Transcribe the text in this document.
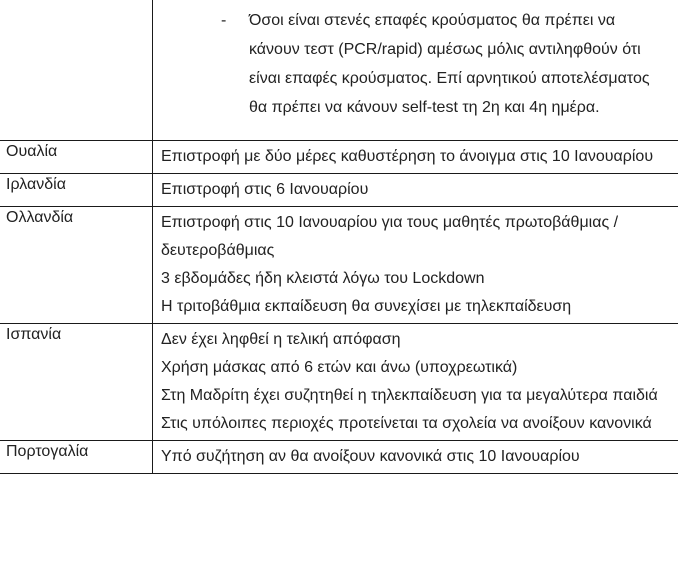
	- Όσοι είναι στενές επαφές κρούσματος θα πρέπει να κάνουν τεστ (PCR/rapid) αμέσως μόλις αντιληφθούν ότι είναι επαφές κρούσματος. Επί αρνητικού αποτελέσματος θα πρέπει να κάνουν self-test τη 2η και 4η ημέρα.

Ουαλία	Επιστροφή με δύο μέρες καθυστέρηση το άνοιγμα στις 10 Ιανουαρίου

Ιρλανδία	Επιστροφή στις 6 Ιανουαρίου

Ολλανδία	Επιστροφή στις 10 Ιανουαρίου για τους μαθητές πρωτοβάθμιας / δευτεροβάθμιας
3 εβδομάδες ήδη κλειστά λόγω του Lockdown
Η τριτοβάθμια εκπαίδευση θα συνεχίσει με τηλεκπαίδευση

Ισπανία	Δεν έχει ληφθεί η τελική απόφαση
Χρήση μάσκας από 6 ετών και άνω (υποχρεωτικά)
Στη Μαδρίτη έχει συζητηθεί η τηλεκπαίδευση για τα μεγαλύτερα παιδιά
Στις υπόλοιπες περιοχές προτείνεται τα σχολεία να ανοίξουν κανονικά

Πορτογαλία	Υπό συζήτηση αν θα ανοίξουν κανονικά στις 10 Ιανουαρίου
